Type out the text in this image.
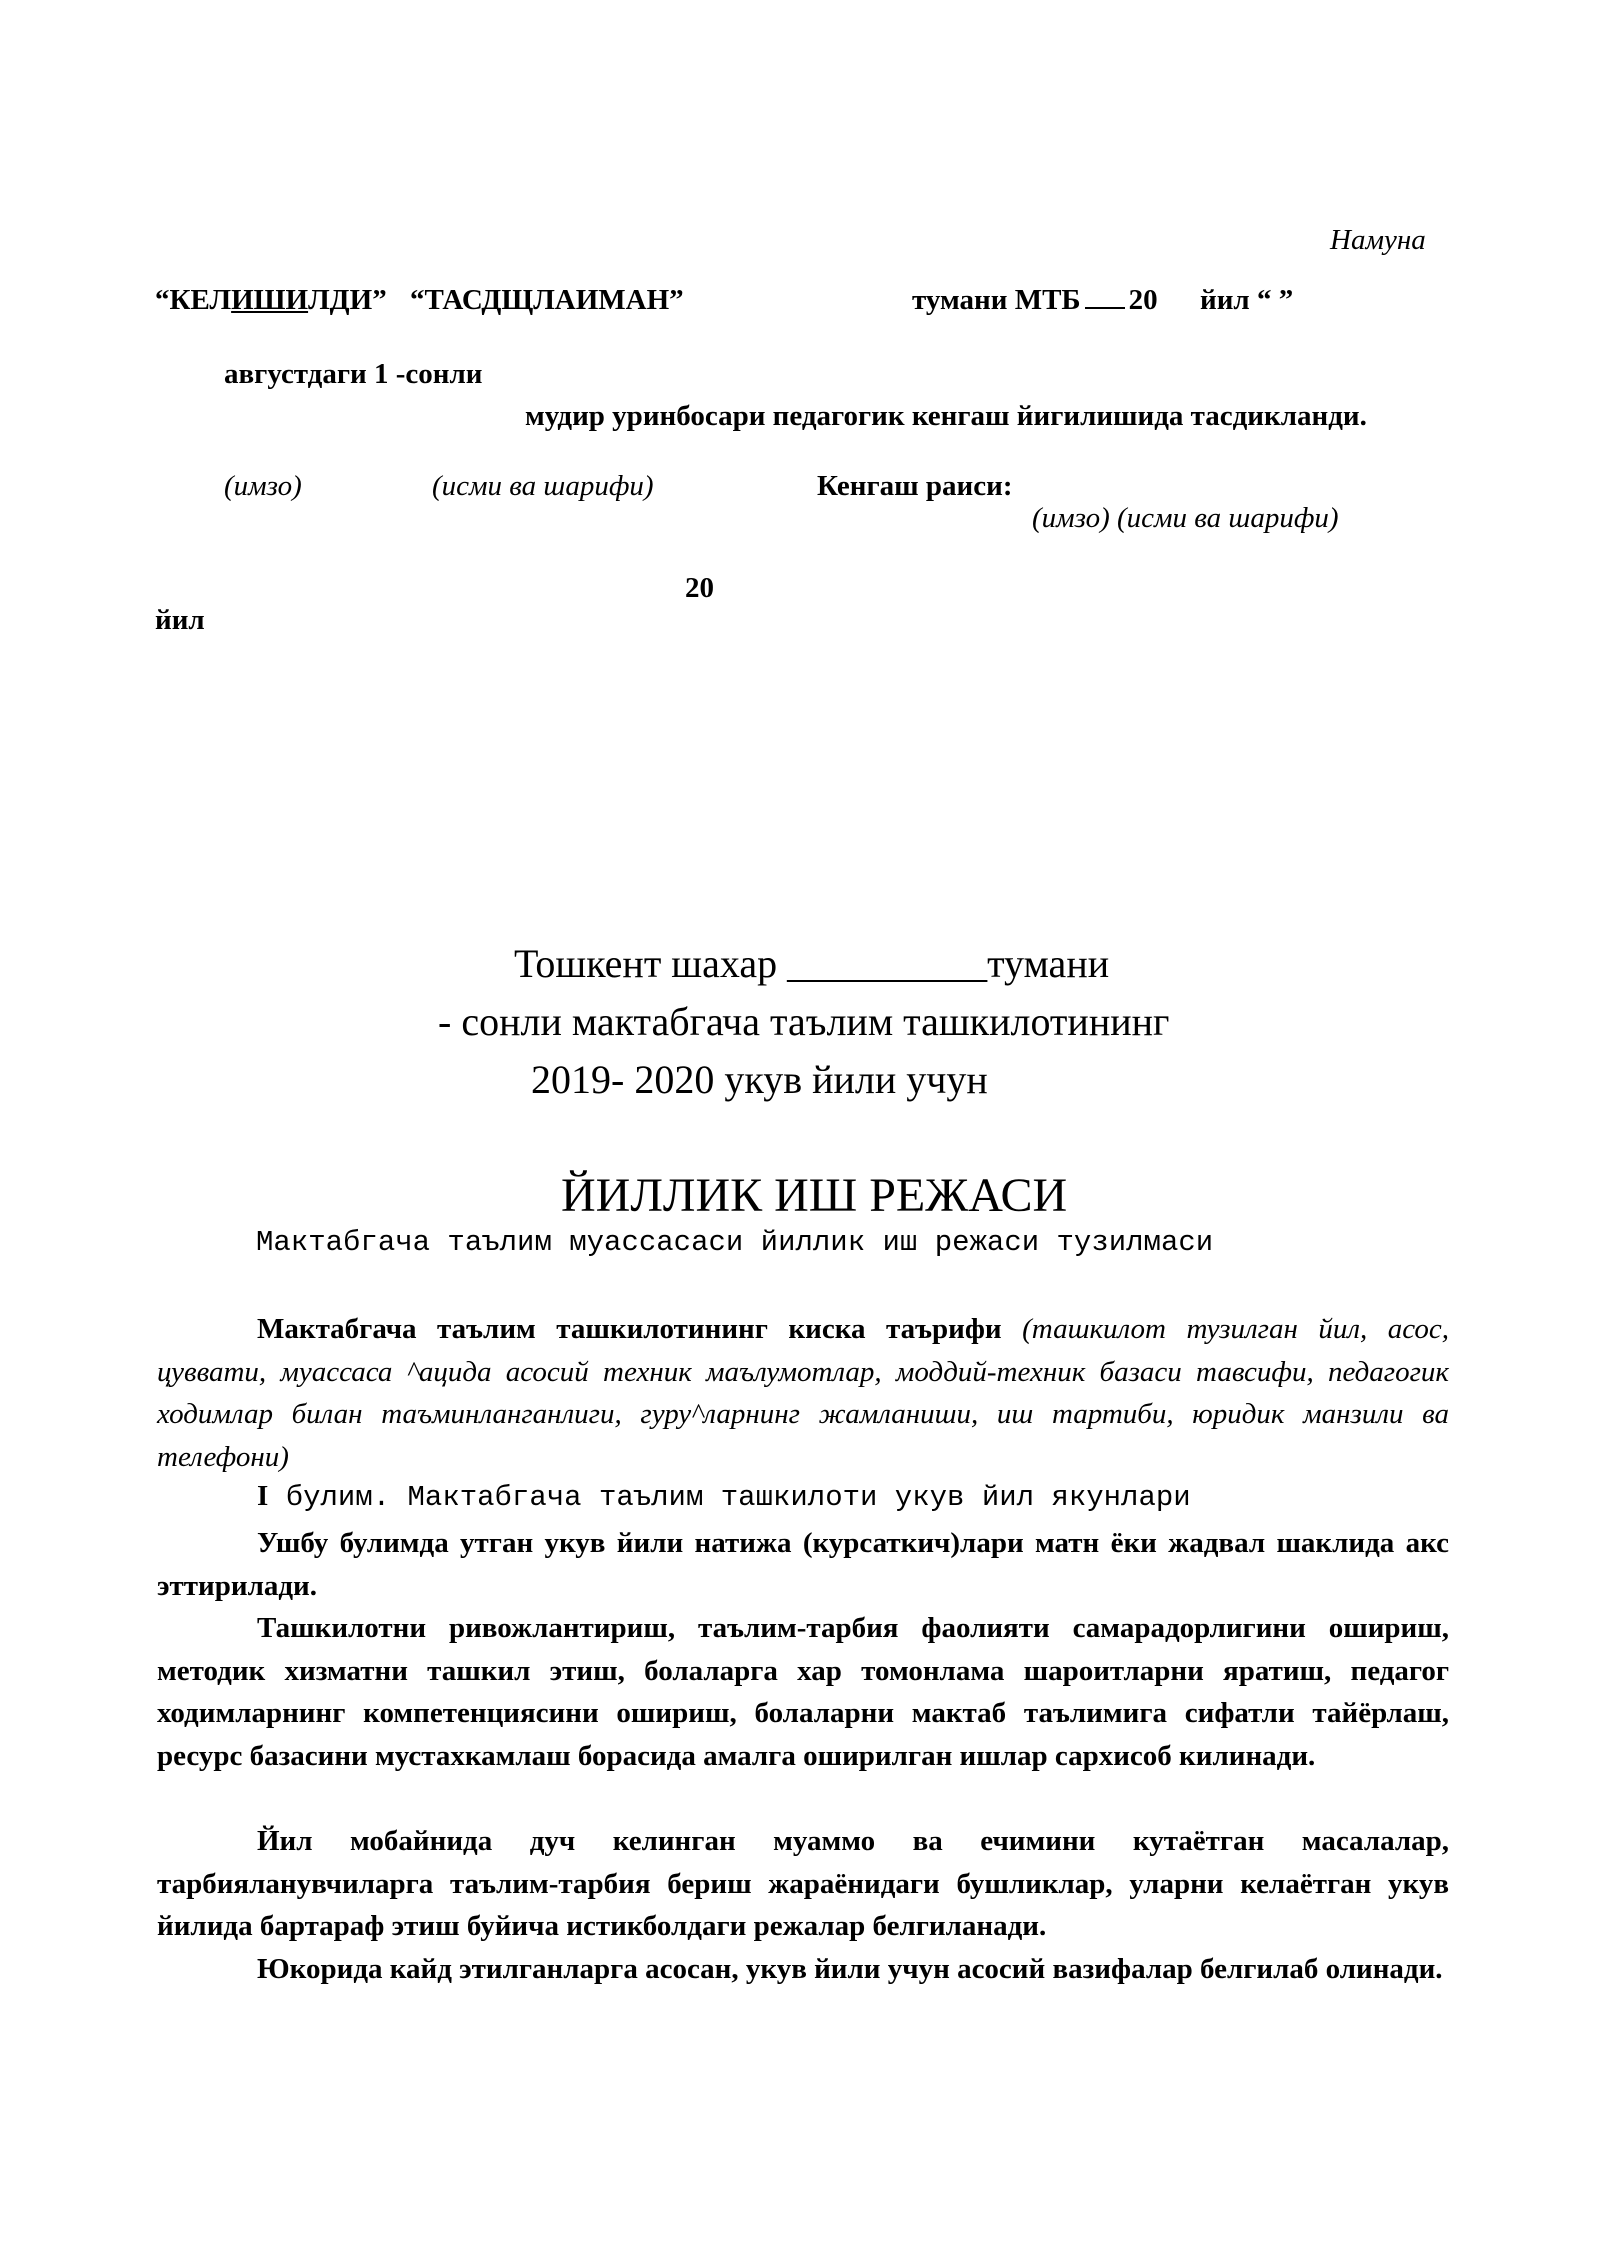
Намуна
“КЕЛИШИЛДИ” “ТАСДЩЛАИМАН”	тумани МТБ 20 йил “ ”
августдаги 1 -сонли
мудир уринбосари педагогик кенгаш йигилишида тасдикланди.
(имзо)	(исми ва шарифи)	Кенгаш раиси:
(имзо) (исми ва шарифи)
20
йил
Тошкент шахар __________тумани
- сонли мактабгача таълим ташкилотининг
2019- 2020 укув йили учун
ЙИЛЛИК ИШ РЕЖАСИ
Мактабгача таълим муассасаси йиллик иш режаси тузилмаси
Мактабгача таълим ташкилотининг киска таърифи (ташкилот тузилган йил, асос, цуввати, муассаса ^ацида асосий техник маълумотлар, моддий-техник базаси тавсифи, педагогик ходимлар билан таъминланганлиги, гуру^ларнинг жамланиши, иш тартиби, юридик манзили ва телефони)
I булим. Мактабгача таълим ташкилоти укув йил якунлари
Ушбу булимда утган укув йили натижа (курсаткич)лари матн ёки жадвал шаклида акс эттирилади.
Ташкилотни ривожлантириш, таълим-тарбия фаолияти самарадорлигини ошириш, методик хизматни ташкил этиш, болаларга хар томонлама шароитларни яратиш, педагог ходимларнинг компетенциясини ошириш, болаларни мактаб таълимига сифатли тайёрлаш, ресурс базасини мустахкамлаш борасида амалга оширилган ишлар сархисоб килинади.
Йил мобайнида дуч келинган муаммо ва ечимини кутаётган масалалар, тарбияланувчиларга таълим-тарбия бериш жараёнидаги бушликлар, уларни келаётган укув йилида бартараф этиш буйича истикболдаги режалар белгиланади.
Юкорида кайд этилганларга асосан, укув йили учун асосий вазифалар белгилаб олинади.
